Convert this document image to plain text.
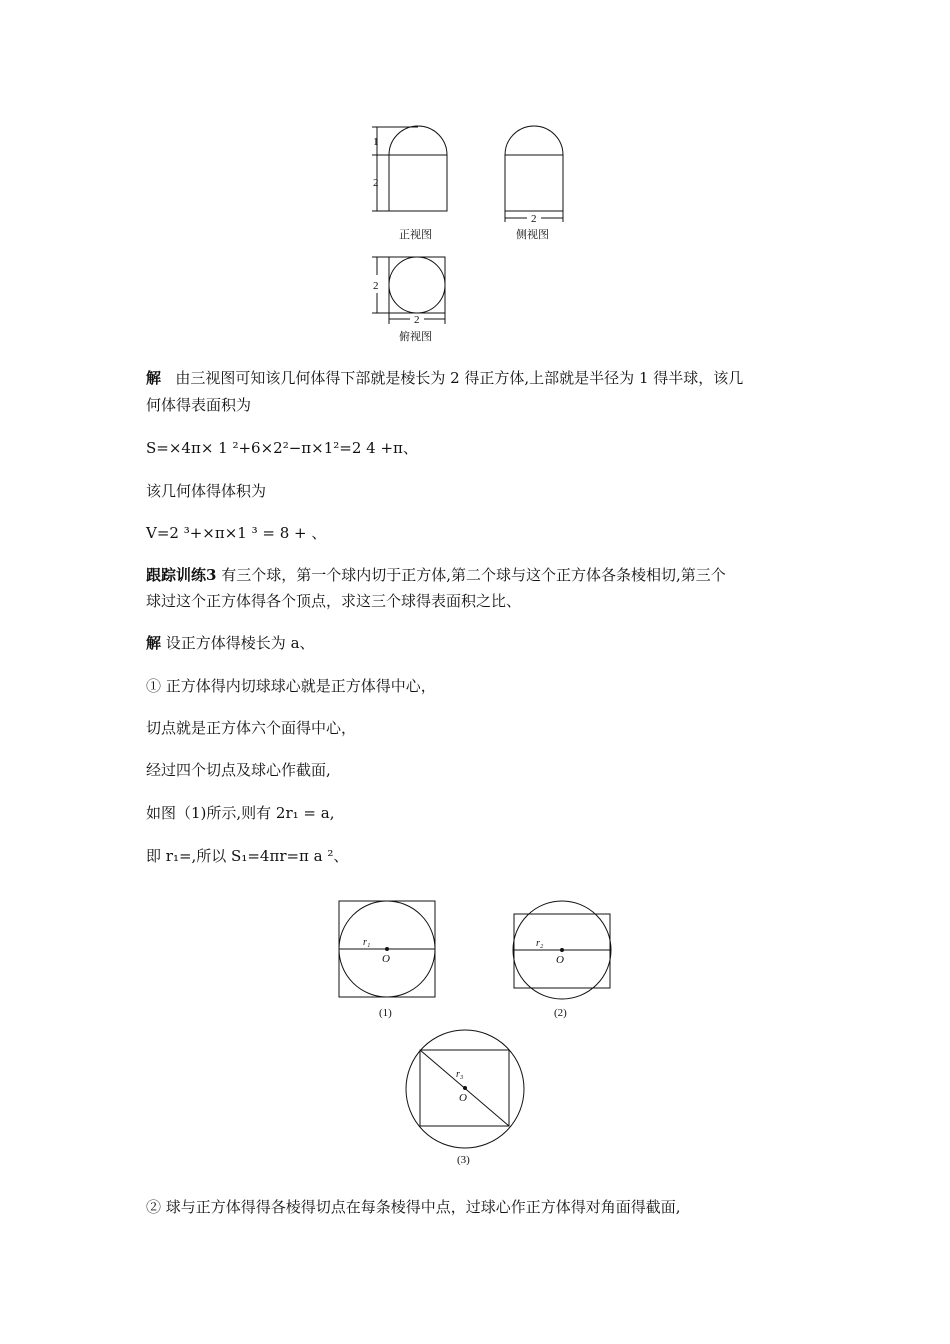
1
2
2
2
2
正视图	侧视图
俯视图
解 由三视图可知该几何体得下部就是棱长为 2 得正方体,上部就是半径为 1 得半球，该几
何体得表面积为
S=×4π× 1 ²+6×2²−π×1²=2 4 +π、
该几何体得体积为
V=2 ³+×π×1 ³ = 8 + 、
跟踪训练3 有三个球，第一个球内切于正方体,第二个球与这个正方体各条棱相切,第三个
球过这个正方体得各个顶点，求这三个球得表面积之比、
解 设正方体得棱长为 a、
① 正方体得内切球球心就是正方体得中心，
切点就是正方体六个面得中心，
经过四个切点及球心作截面,
如图（1)所示,则有 2r₁ = a,
即 r₁=,所以 S₁=4πr=π a ²、
r₁
O
r₂
O
r₃
O
(1)	(2)
(3)
② 球与正方体得得各棱得切点在每条棱得中点，过球心作正方体得对角面得截面,
